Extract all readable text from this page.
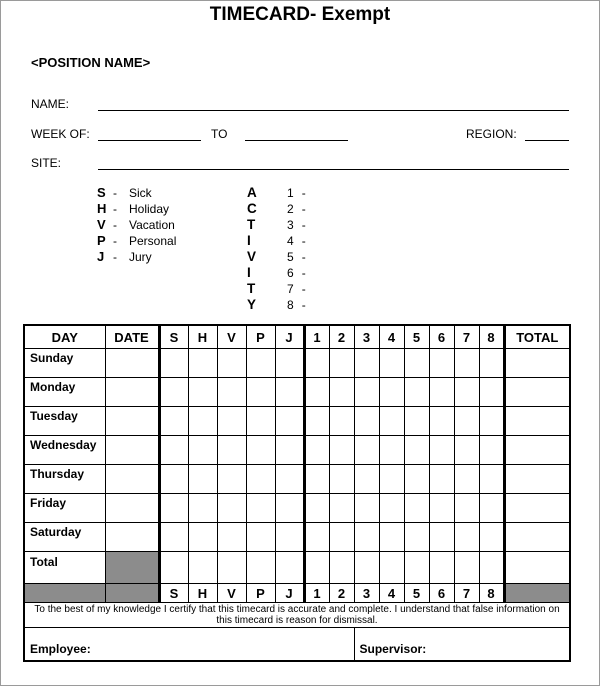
TIMECARD- Exempt
<POSITION NAME>
NAME:
WEEK OF:	TO	REGION:
SITE:
S - Sick
H - Holiday
V - Vacation
P - Personal
J - Jury
A
C
T
I
V
I
T
Y
1 -
2 -
3 -
4 -
5 -
6 -
7 -
8 -
DAY	DATE	S	H	V	P	J	1	2	3	4	5	6	7	8	TOTAL
Sunday															
Monday															
Tuesday															
Wednesday															
Thursday															
Friday															
Saturday															
Total															
		S	H	V	P	J	1	2	3	4	5	6	7	8	
To the best of my knowledge I certify that this timecard is accurate and complete. I understand that false information on this timecard is reason for dismissal.															
Employee:									Supervisor:						
